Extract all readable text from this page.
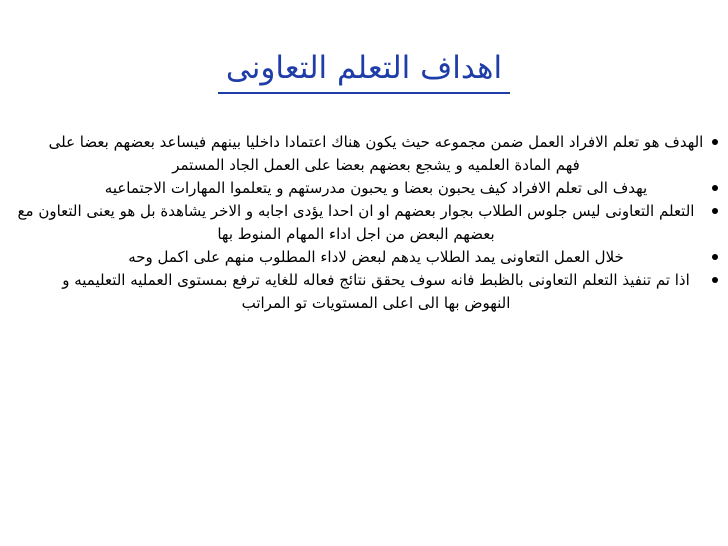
اهداف التعلم التعاونى
الهدف هو تعلم الافراد العمل ضمن مجموعه حيث يكون هناك اعتمادا داخليا بينهم فيساعد بعضهم بعضا على فهم المادة العلميه و يشجع بعضهم بعضا على العمل الجاد المستمر
يهدف الى تعلم الافراد كيف يحبون بعضا و يحبون مدرستهم و يتعلموا المهارات الاجتماعيه
التعلم التعاونى ليس جلوس الطلاب بجوار بعضهم او ان احدا يؤدى اجابه و الاخر يشاهدة بل هو يعنى التعاون مع بعضهم البعض من اجل اداء المهام المنوط بها
خلال العمل التعاونى يمد الطلاب يدهم لبعض لاداء المطلوب منهم على اكمل وحه
اذا تم تنفيذ التعلم التعاونى بالظبط فانه سوف يحقق نتائج فعاله للغايه ترفع بمستوى العمليه التعليميه و النهوض بها الى اعلى المستويات تو المراتب
